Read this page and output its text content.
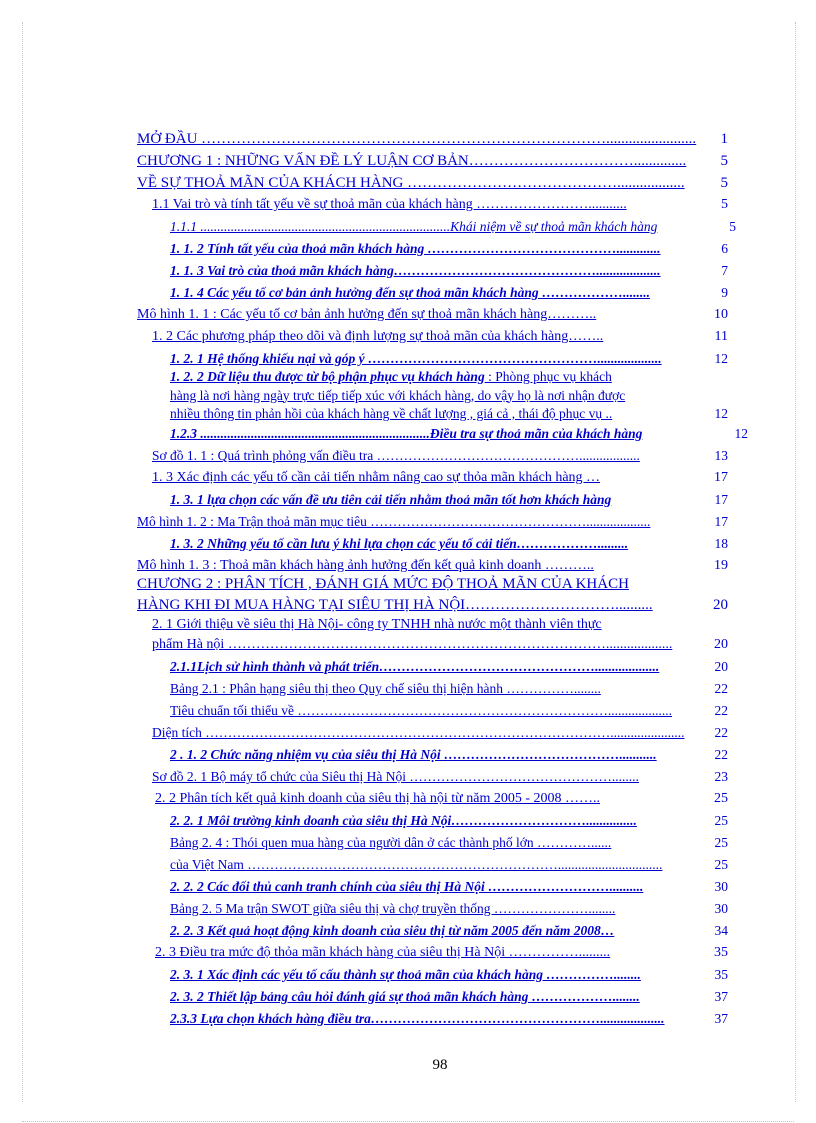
MỞ ĐẦU ………………………………………………………………………........................ 1
CHƯƠNG 1 : NHỮNG VẤN ĐỀ LÝ LUẬN CƠ BẢN…………………………….............. 5
VỀ SỰ THOẢ MÃN CỦA KHÁCH HÀNG …………………………………….................. 5
1.1 Vai trò và tính tất yếu về sự thoả mãn của khách hàng ……………………...........	5
1.1.1 ..........................................................................Khái niệm về sự thoả mãn khách hàng	5
1. 1. 2 Tính tất yếu của thoả mãn khách hàng …………………………………….............	6
1. 1. 3 Vai trò của thoả mãn khách hàng………………………………………...................	7
1. 1. 4 Các yếu tố cơ bản ảnh hưởng đến sự thoả mãn khách hàng ………………........	9
Mô hình 1. 1 : Các yếu tố cơ bản ảnh hưởng đến sự thoả mãn khách hàng………..	10
1. 2 Các phương pháp theo dõi và định lượng sự thoả mãn của khách hàng……..	11
1. 2. 1 Hệ thống khiếu nại và góp ý ……………………………………………...................	12
1. 2. 2 Dữ liệu thu được từ bộ phận phục vụ khách hàng : Phòng phục vụ khách
hàng là nơi hàng ngày trực tiếp tiếp xúc với khách hàng, do vậy họ là nơi nhận được
nhiều thông tin phản hồi của khách hàng về chất lượng , giá cả , thái độ phục vụ ..	12
1.2.3 ....................................................................Điều tra sự thoả mãn của khách hàng	12
Sơ đồ 1. 1 : Quá trình phỏng vấn điều tra ………………………………………..................	13
1. 3 Xác định các yếu tố cần cải tiến nhằm nâng cao sự thỏa mãn khách hàng …	17
1. 3. 1 lựa chọn các vấn đề ưu tiên cải tiến nhằm thoả mãn tốt hơn khách hàng	17
Mô hình 1. 2 : Ma Trận thoả mãn mục tiêu …………………………………………...................	17
1. 3. 2 Những yếu tố cần lưu ý khi lựa chọn các yếu tố cải tiến……………….........	18
Mô hình 1. 3 : Thoả mãn khách hàng ảnh hưởng đến kết quả kinh doanh ………..	19
CHƯƠNG 2 : PHÂN TÍCH , ĐÁNH GIÁ MỨC ĐỘ THOẢ MÃN CỦA KHÁCH
HÀNG KHI ĐI MUA HÀNG TẠI SIÊU THỊ HÀ NỘI…………………………..........	20
2. 1 Giới thiệu về siêu thị Hà Nội- công ty TNHH nhà nước một thành viên thực
phẩm Hà nội ………………………………………………………………………...................	20
2.1.1Lịch sử hình thành và phát triển…………………………………………...................	20
Bảng 2.1 : Phân hạng siêu thị theo Quy chế siêu thị hiện hành ……………........	22
Tiêu chuẩn tối thiểu về ……………………………………………………………...................	22
Diện tích ………………………………………………………………………………...................... 22
2 . 1. 2 Chức năng nhiệm vụ của siêu thị Hà Nội …………………………………...........	22
Sơ đồ 2. 1 Bộ máy tổ chức của Siêu thị Hà Nội ………………………………………........	23
2. 2 Phân tích kết quả kinh doanh của siêu thị hà nội từ năm 2005 - 2008 ……..	25
2. 2. 1 Môi trường kinh doanh của siêu thị Hà Nội…………………………...............	25
Bảng 2. 4 : Thói quen mua hàng của người dân ở các thành phố lớn …………......	25
của Việt Nam ……………………………………………………………...............................	25
2. 2. 2 Các đối thủ canh tranh chính của siêu thị Hà Nội ………………………..........	30
Bảng 2. 5 Ma trận SWOT giữa siêu thị và chợ truyền thống …………………........	30
2. 2. 3 Kết quả hoạt động kinh doanh của siêu thị từ năm 2005 đến năm 2008…	34
2. 3 Điều tra mức độ thỏa mãn khách hàng của siêu thị Hà Nội …………….........	35
2. 3. 1 Xác định các yếu tố cấu thành sự thoả mãn của khách hàng ……………........	35
2. 3. 2 Thiết lập bảng câu hỏi đánh giá sự thoả mãn khách hàng ………………........	37
2.3.3 Lựa chọn khách hàng điều tra……………………………………………...................	37
98
